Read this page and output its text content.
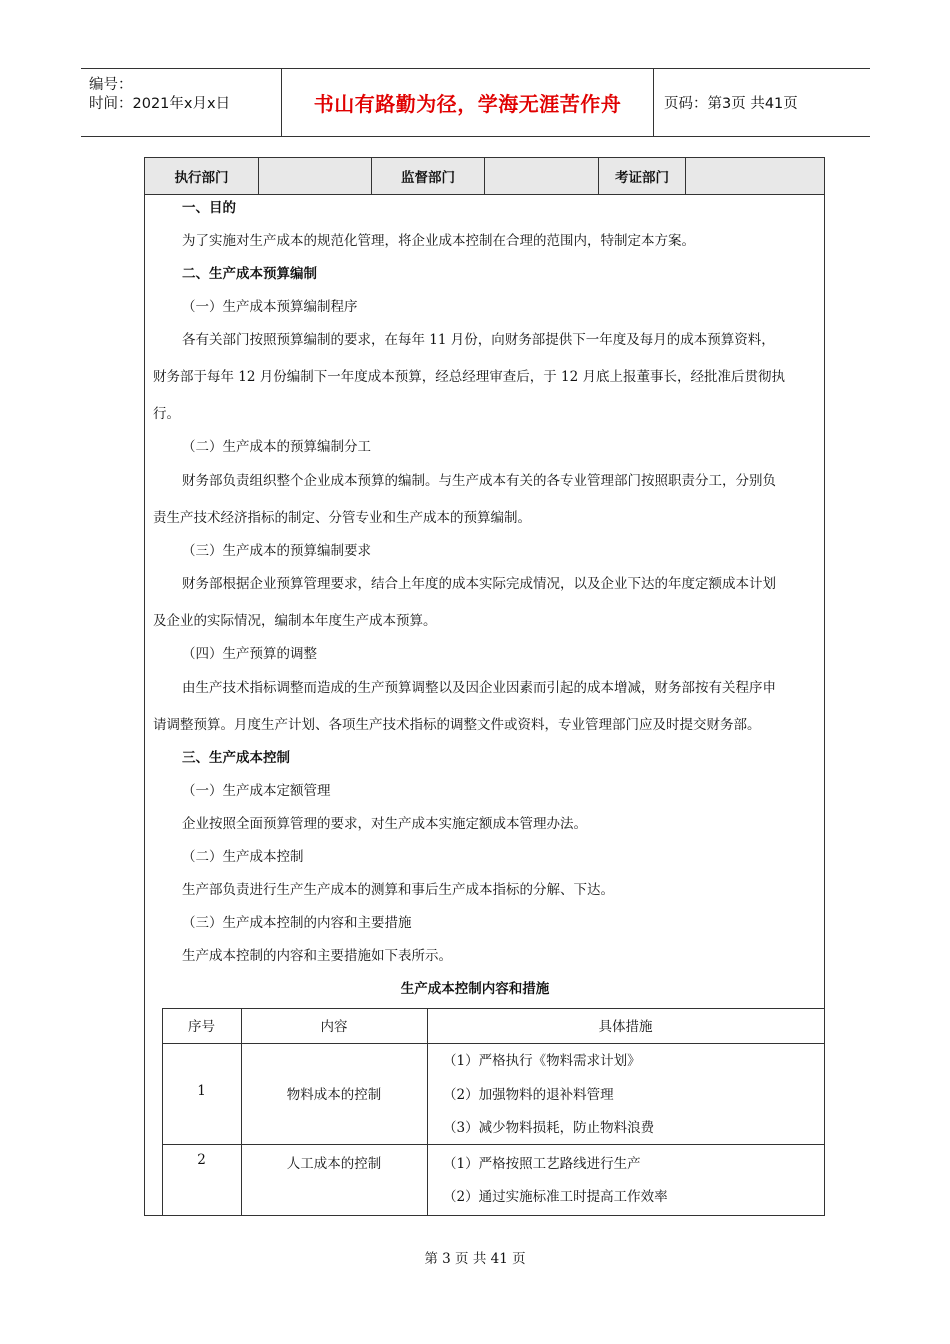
编号：
时间：2021年x月x日	书山有路勤为径，学海无涯苦作舟	页码：第3页 共41页
执行部门	监督部门	考证部门
一、目的
为了实施对生产成本的规范化管理，将企业成本控制在合理的范围内，特制定本方案。
二、生产成本预算编制
（一）生产成本预算编制程序
各有关部门按照预算编制的要求，在每年 11 月份，向财务部提供下一年度及每月的成本预算资料，
财务部于每年 12 月份编制下一年度成本预算，经总经理审查后，于 12 月底上报董事长，经批准后贯彻执
行。
（二）生产成本的预算编制分工
财务部负责组织整个企业成本预算的编制。与生产成本有关的各专业管理部门按照职责分工，分别负
责生产技术经济指标的制定、分管专业和生产成本的预算编制。
（三）生产成本的预算编制要求
财务部根据企业预算管理要求，结合上年度的成本实际完成情况，以及企业下达的年度定额成本计划
及企业的实际情况，编制本年度生产成本预算。
（四）生产预算的调整
由生产技术指标调整而造成的生产预算调整以及因企业因素而引起的成本增减，财务部按有关程序申
请调整预算。月度生产计划、各项生产技术指标的调整文件或资料，专业管理部门应及时提交财务部。
三、生产成本控制
（一）生产成本定额管理
企业按照全面预算管理的要求，对生产成本实施定额成本管理办法。
（二）生产成本控制
生产部负责进行生产生产成本的测算和事后生产成本指标的分解、下达。
（三）生产成本控制的内容和主要措施
生产成本控制的内容和主要措施如下表所示。
生产成本控制内容和措施
序号	内容	具体措施
1	物料成本的控制
（1）严格执行《物料需求计划》
（2）加强物料的退补料管理
（3）减少物料损耗，防止物料浪费
2	人工成本的控制	（1）严格按照工艺路线进行生产
（2）通过实施标准工时提高工作效率
第 3 页 共 41 页
